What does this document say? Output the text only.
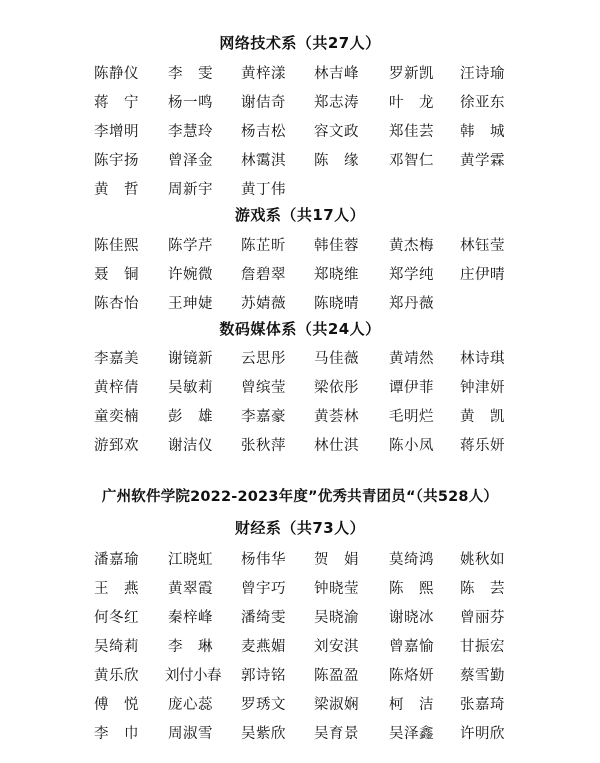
网络技术系（共27人）
陈静仪	李　雯	黄梓漾	林吉峰	罗新凯	汪诗瑜
蒋　宁	杨一鸣	谢佶奇	郑志涛	叶　龙	徐亚东
李增明	李慧玲	杨吉松	容文政	郑佳芸	韩　城
陈宇扬	曾泽金	林霭淇	陈　缘	邓智仁	黄学霖
黄　哲	周新宇	黄丁伟
游戏系（共17人）
陈佳熙	陈学芹	陈芷昕	韩佳蓉	黄杰梅	林钰莹
聂　铜	许婉微	詹碧翠	郑晓维	郑学纯	庄伊晴
陈杏怡	王珅婕	苏婧薇	陈晓晴	郑丹薇
数码媒体系（共24人）
李嘉美	谢镜新	云思彤	马佳薇	黄靖然	林诗琪
黄梓倩	吴敏莉	曾缤莹	梁依彤	谭伊菲	钟津妍
童奕楠	彭　雄	李嘉豪	黄荟林	毛明烂	黄　凯
游郅欢	谢洁仪	张秋萍	林仕淇	陈小凤	蒋乐妍
广州软件学院2022-2023年度”优秀共青团员“（共528人）
财经系（共73人）
潘嘉瑜	江晓虹	杨伟华	贺　娟	莫绮鸿	姚秋如
王　燕	黄翠霞	曾宇巧	钟晓莹	陈　熙	陈　芸
何冬红	秦梓峰	潘绮雯	吴晓渝	谢晓冰	曾丽芬
吴绮莉	李　琳	麦燕媚	刘安淇	曾嘉愉	甘振宏
黄乐欣	刘付小春	郭诗铭	陈盈盈	陈烙妍	蔡雪勤
傅　悦	庞心蕊	罗琇文	梁淑娴	柯　洁	张嘉琦
李　巾	周淑雪	吴紫欣	吴育景	吴泽鑫	许明欣
